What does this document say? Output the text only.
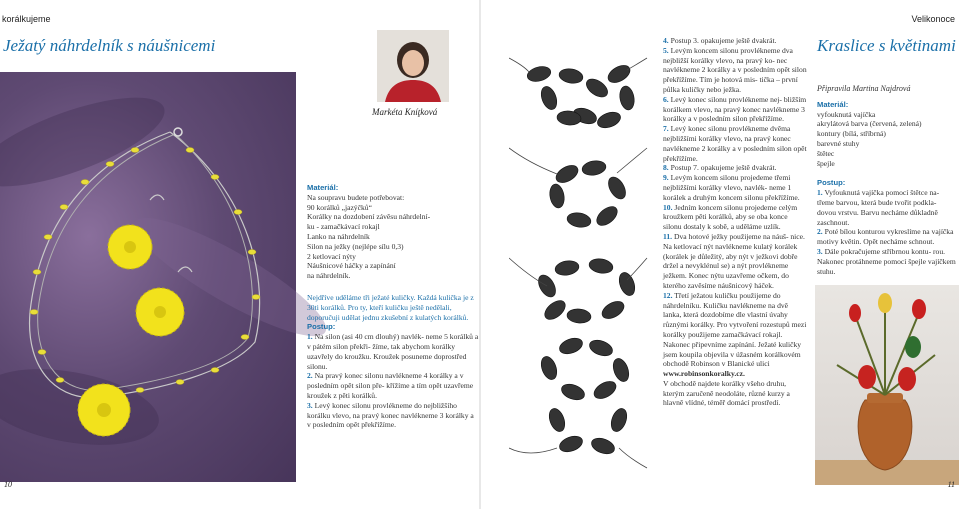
korálkujeme
Ježatý náhrdelník s náušnicemi
Markéta Kníţková

Materiál:

Na soupravu budete potřebovat:

90 korálků „jazýčků“

Korálky na dozdobení závěsu náhrdelní-

ku - zamačkávací rokajl

Lanko na náhrdelník

Silon na ježky (nejlépe sílu 0,3)

2 ketlovací nýty

Náušnicové háčky a zapínání

na náhrdelník.

Nejdříve uděláme tři ježaté kuličky. Každá kulička je z 30ti korálků. Pro ty, kteří kuličku ještě nedělali, doporučuji udělat jednu zkušební z kulatých korálků.

Postup:

1. Na silon (asi 40 cm dlouhý) navlék- neme 5 korálků a v pátém silon překři- žíme, tak abychom korálky uzavřely do kroužku. Kroužek posuneme doprostřed silonu.

2. Na pravý konec silonu navlékneme 4 korálky a v posledním opět silon pře- křížíme a tím opět uzavřeme kroužek z pěti korálků.

3. Levý konec silonu provlékneme do nejbližšího korálku vlevo, na pravý konec navlékneme 3 korálky a v posledním opět překřížíme.

10
Velikonoce

4. Postup 3. opakujeme ještě dvakrát.

5. Levým koncem silonu provlékneme dva nejbližší korálky vlevo, na pravý ko- nec navlékneme 2 korálky a v posledním opět silon překřížíme. Tím je hotová mis- tička – první půlka kuličky nebo ježka.

6. Levý konec silonu provlékneme nej- bližším korálkem vlevo, na pravý konec navlékneme 3 korálky a v posledním silon překřížíme.

7. Levý konec silonu provlékneme dvěma nejbližšími korálky vlevo, na pravý konec navlékneme 2 korálky a v posledním silon opět překřížíme.

8. Postup 7. opakujeme ještě dvakrát.

9. Levým koncem silonu projedeme třemi nejbližšími korálky vlevo, navlék- neme 1 korálek a druhým koncem silonu překřížíme.

10. Jedním koncem silonu projedeme celým kroužkem pěti korálků, aby se oba konce silonu dostaly k sobě, a uděláme uzlík.

11. Dva hotové ježky použijeme na náuš- nice. Na ketlovací nýt navlékneme kulatý korálek (korálek je důležitý, aby nýt v ježkovi dobře držel a nevyklénul se) a nýt provlékneme ježkem. Konec nýtu uzavřeme očkem, do kterého zavěsíme náušnicový háček.

12. Třetí ježatou kuličku použijeme do náhrdelníku. Kuličku navlékneme na dvě lanka, která dozdobíme dle vlastní úvahy různými korálky. Pro vytvoření rozestupů mezi korálky použijeme zamačkávací rokajl. Nakonec připevníme zapínání. Ježaté kuličky jsem koupila objevila v úžasném korálkovém obchodě Robinson v Blanické ulici

www.robinsonkoralky.cz.

V obchodě najdete korálky všeho druhu, kterým zaručeně neodoláte, různé kurzy a hlavně vlídné, téměř domácí prostředí.

Kraslice s květinami

Připravila Martina Najdrová

Materiál:

vyfouknutá vajíčka

akrylátová barva (červená, zelená)

kontury (bílá, stříbrná)

barevné stuhy

štětec

špejle

Postup:

1. Vyfouknutá vajíčka pomocí štětce na- třeme barvou, která bude tvořit podkla- dovou vrstvu. Barvu necháme důkladně zaschnout.

2. Poté bílou konturou vykreslíme na vajíčka motivy květin. Opět necháme schnout.

3. Dále pokračujeme stříbrnou kontu- rou. Nakonec protáhneme pomocí špejle vajíčkem stuhu.

11
